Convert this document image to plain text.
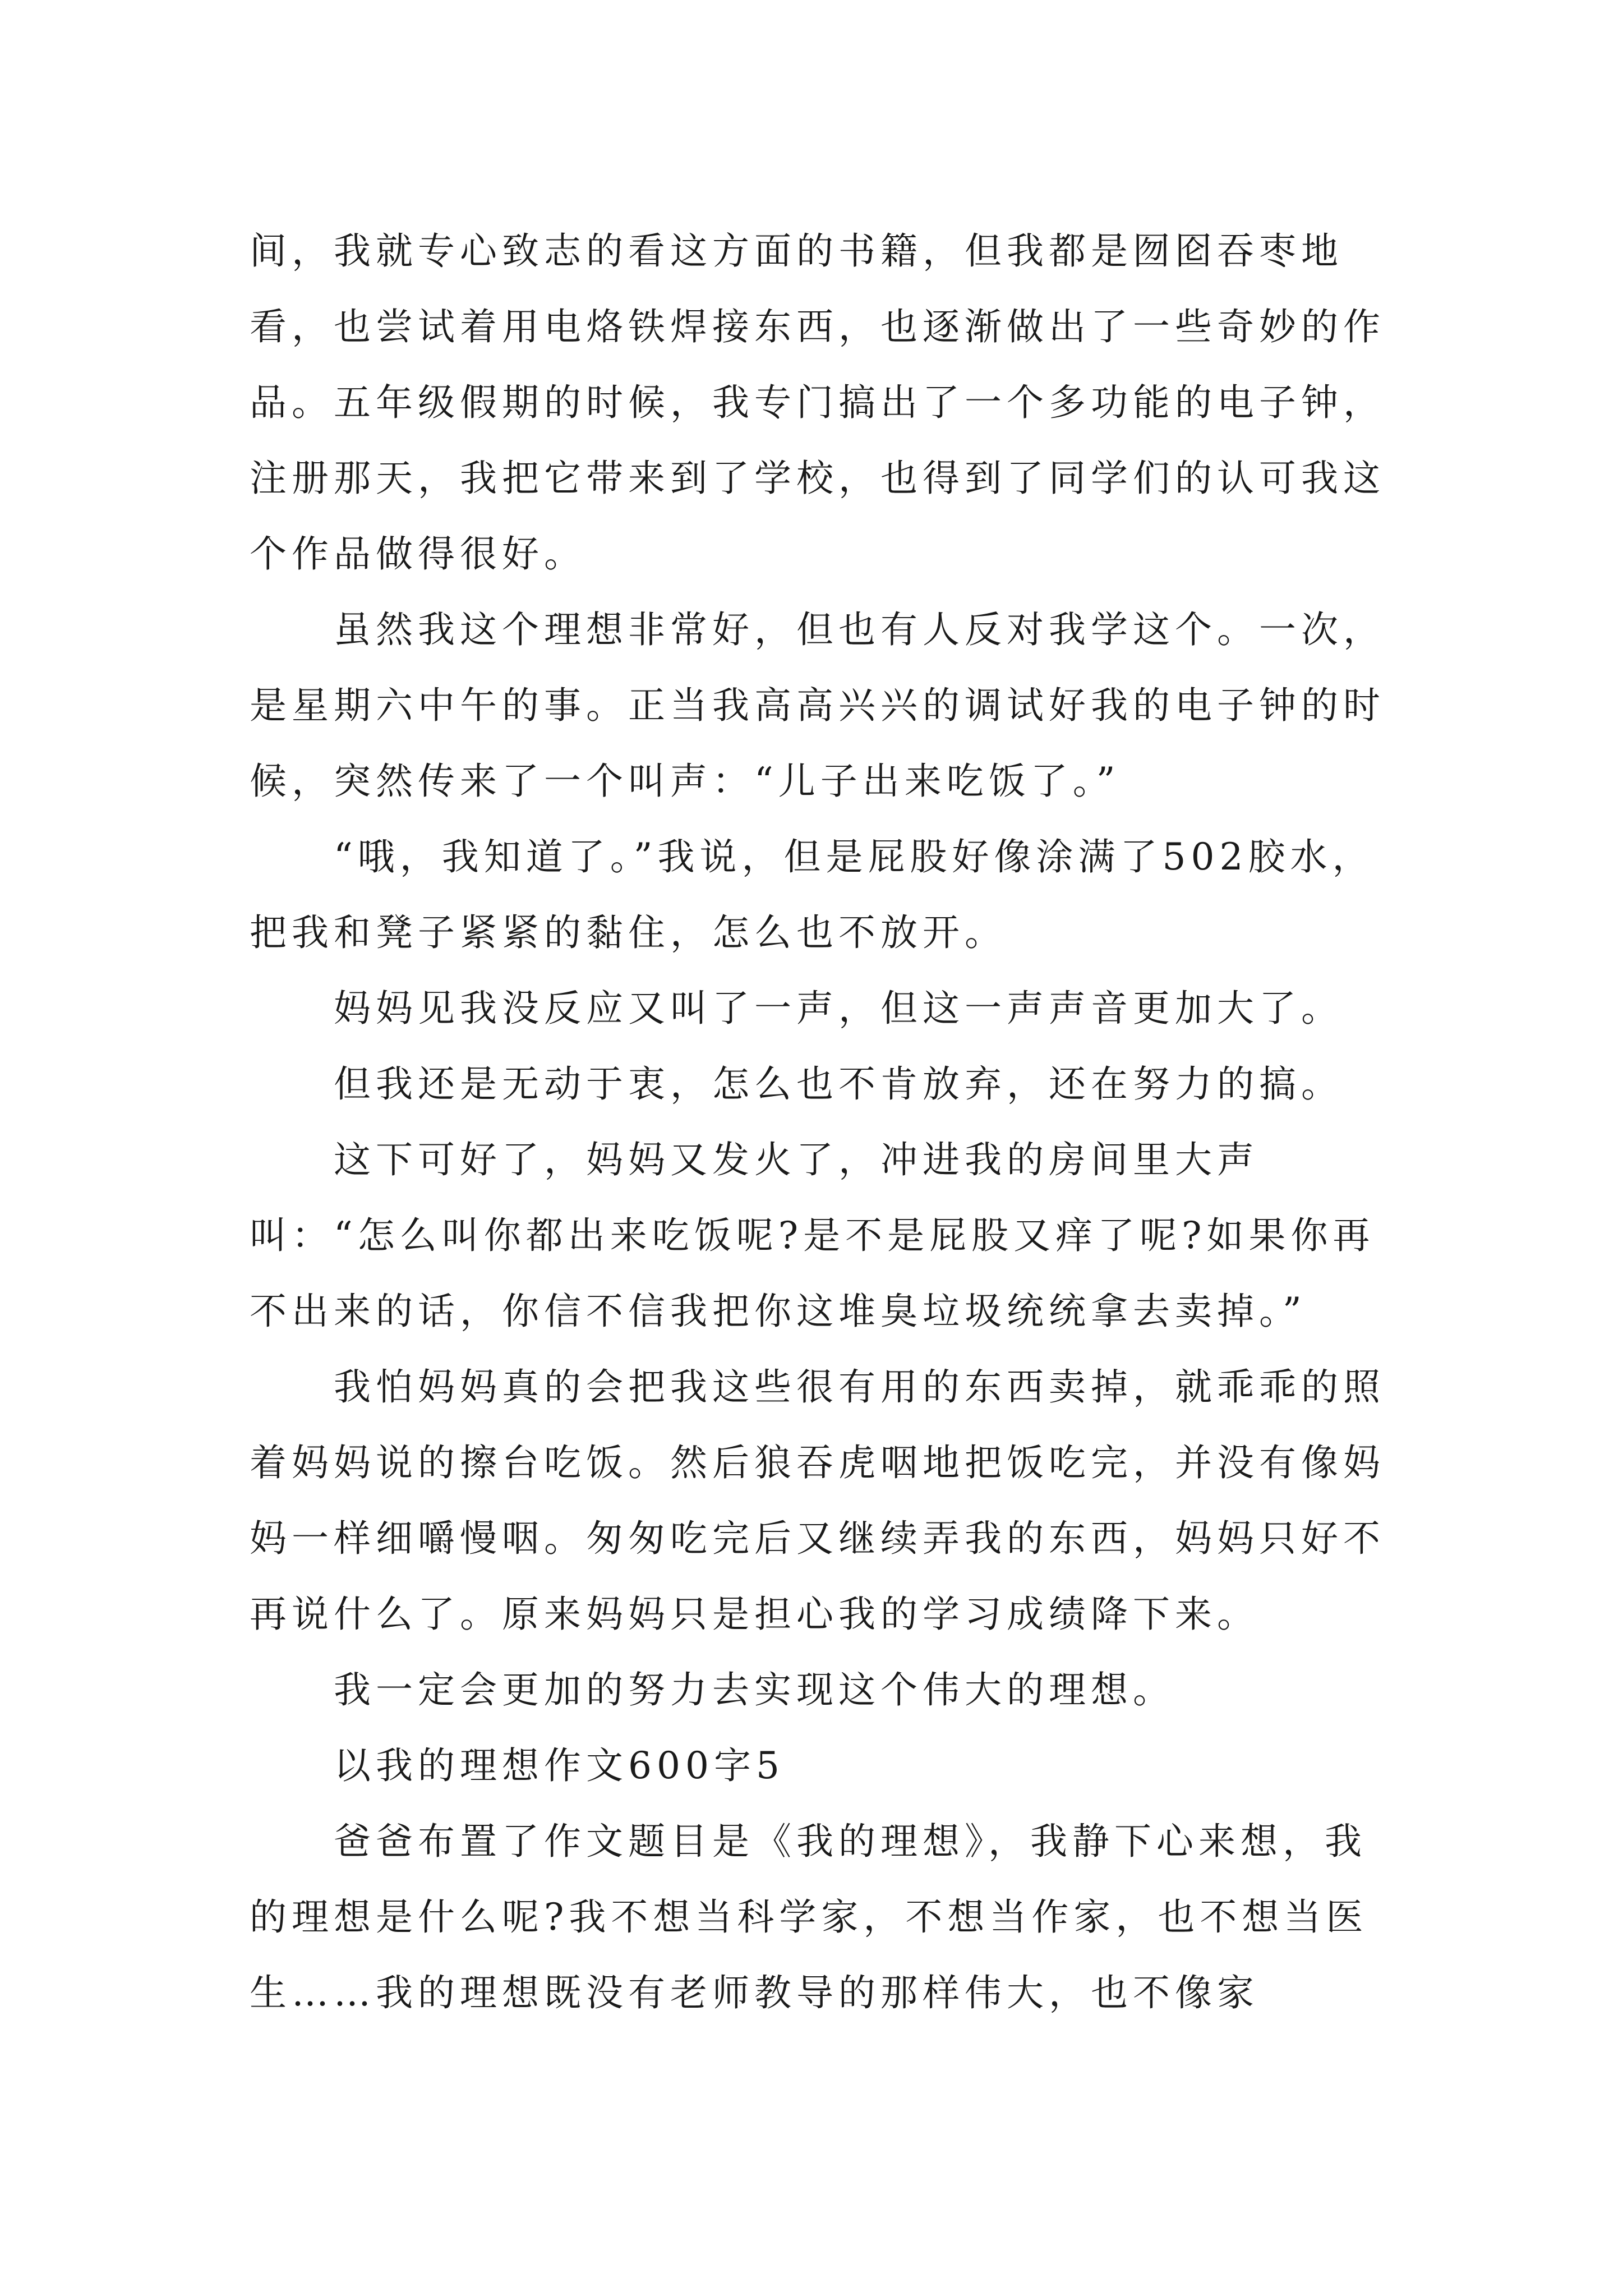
间，我就专心致志的看这方面的书籍，但我都是囫囵吞枣地看，也尝试着用电烙铁焊接东西，也逐渐做出了一些奇妙的作品。五年级假期的时候，我专门搞出了一个多功能的电子钟，注册那天，我把它带来到了学校，也得到了同学们的认可我这个作品做得很好。

虽然我这个理想非常好，但也有人反对我学这个。一次，是星期六中午的事。正当我高高兴兴的调试好我的电子钟的时候，突然传来了一个叫声：“儿子出来吃饭了。”

“哦，我知道了。”我说，但是屁股好像涂满了502胶水，把我和凳子紧紧的黏住，怎么也不放开。

妈妈见我没反应又叫了一声，但这一声声音更加大了。

但我还是无动于衷，怎么也不肯放弃，还在努力的搞。

这下可好了，妈妈又发火了，冲进我的房间里大声叫：“怎么叫你都出来吃饭呢?是不是屁股又痒了呢?如果你再不出来的话，你信不信我把你这堆臭垃圾统统拿去卖掉。”

我怕妈妈真的会把我这些很有用的东西卖掉，就乖乖的照着妈妈说的擦台吃饭。然后狼吞虎咽地把饭吃完，并没有像妈妈一样细嚼慢咽。匆匆吃完后又继续弄我的东西，妈妈只好不再说什么了。原来妈妈只是担心我的学习成绩降下来。

我一定会更加的努力去实现这个伟大的理想。

以我的理想作文600字5

爸爸布置了作文题目是《我的理想》，我静下心来想，我的理想是什么呢?我不想当科学家，不想当作家，也不想当医生……我的理想既没有老师教导的那样伟大，也不像家
